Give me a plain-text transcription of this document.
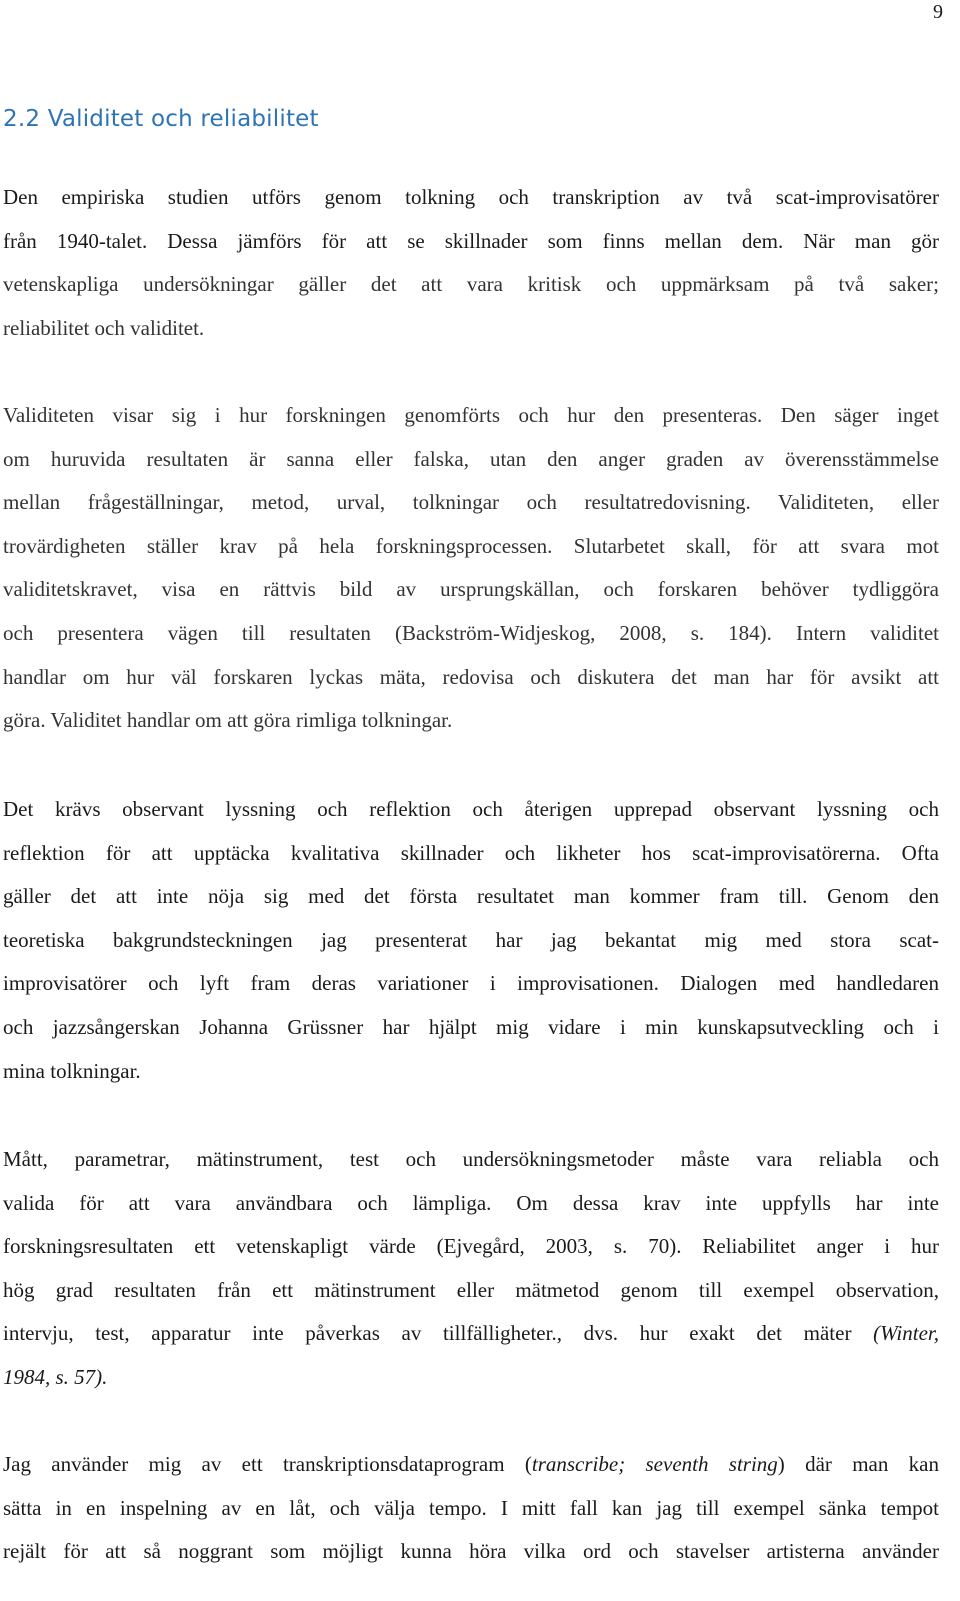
9
2.2 Validitet och reliabilitet
Den empiriska studien utförs genom tolkning och transkription av två scat-improvisatörer
från 1940-talet. Dessa jämförs för att se skillnader som finns mellan dem. När man gör
vetenskapliga undersökningar gäller det att vara kritisk och uppmärksam på två saker;
reliabilitet och validitet.
Validiteten visar sig i hur forskningen genomförts och hur den presenteras. Den säger inget
om huruvida resultaten är sanna eller falska, utan den anger graden av överensstämmelse
mellan frågeställningar, metod, urval, tolkningar och resultatredovisning. Validiteten, eller
trovärdigheten ställer krav på hela forskningsprocessen. Slutarbetet skall, för att svara mot
validitetskravet, visa en rättvis bild av ursprungskällan, och forskaren behöver tydliggöra
och presentera vägen till resultaten (Backström-Widjeskog, 2008, s. 184). Intern validitet
handlar om hur väl forskaren lyckas mäta, redovisa och diskutera det man har för avsikt att
göra. Validitet handlar om att göra rimliga tolkningar.
Det krävs observant lyssning och reflektion och återigen upprepad observant lyssning och
reflektion för att upptäcka kvalitativa skillnader och likheter hos scat-improvisatörerna. Ofta
gäller det att inte nöja sig med det första resultatet man kommer fram till. Genom den
teoretiska bakgrundsteckningen jag presenterat har jag bekantat mig med stora scat-
improvisatörer och lyft fram deras variationer i improvisationen. Dialogen med handledaren
och jazzsångerskan Johanna Grüssner har hjälpt mig vidare i min kunskapsutveckling och i
mina tolkningar.
Mått, parametrar, mätinstrument, test och undersökningsmetoder måste vara reliabla och
valida för att vara användbara och lämpliga. Om dessa krav inte uppfylls har inte
forskningsresultaten ett vetenskapligt värde (Ejvegård, 2003, s. 70). Reliabilitet anger i hur
hög grad resultaten från ett mätinstrument eller mätmetod genom till exempel observation,
intervju, test, apparatur inte påverkas av tillfälligheter., dvs. hur exakt det mäter (Winter,
1984, s. 57).
Jag använder mig av ett transkriptionsdataprogram (transcribe; seventh string) där man kan
sätta in en inspelning av en låt, och välja tempo. I mitt fall kan jag till exempel sänka tempot
rejält för att så noggrant som möjligt kunna höra vilka ord och stavelser artisterna använder
